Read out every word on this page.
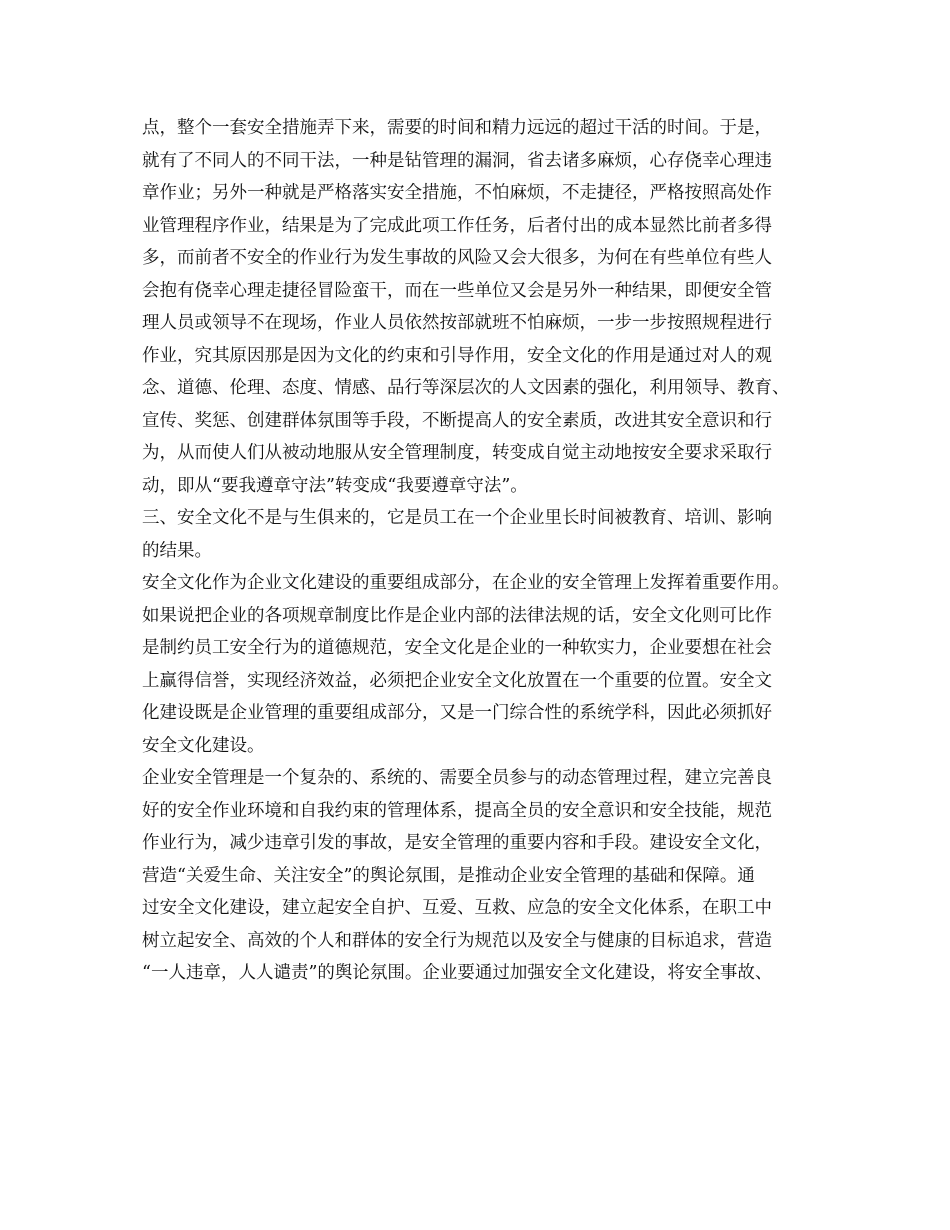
点，整个一套安全措施弄下来，需要的时间和精力远远的超过干活的时间。于是，
就有了不同人的不同干法，一种是钻管理的漏洞，省去诸多麻烦，心存侥幸心理违
章作业；另外一种就是严格落实安全措施，不怕麻烦，不走捷径，严格按照高处作
业管理程序作业，结果是为了完成此项工作任务，后者付出的成本显然比前者多得
多，而前者不安全的作业行为发生事故的风险又会大很多，为何在有些单位有些人
会抱有侥幸心理走捷径冒险蛮干，而在一些单位又会是另外一种结果，即便安全管
理人员或领导不在现场，作业人员依然按部就班不怕麻烦，一步一步按照规程进行
作业，究其原因那是因为文化的约束和引导作用，安全文化的作用是通过对人的观
念、道德、伦理、态度、情感、品行等深层次的人文因素的强化，利用领导、教育、
宣传、奖惩、创建群体氛围等手段，不断提高人的安全素质，改进其安全意识和行
为，从而使人们从被动地服从安全管理制度，转变成自觉主动地按安全要求采取行
动，即从“要我遵章守法”转变成“我要遵章守法”。
三、安全文化不是与生俱来的，它是员工在一个企业里长时间被教育、培训、影响
的结果。
安全文化作为企业文化建设的重要组成部分，在企业的安全管理上发挥着重要作用。
如果说把企业的各项规章制度比作是企业内部的法律法规的话，安全文化则可比作
是制约员工安全行为的道德规范，安全文化是企业的一种软实力，企业要想在社会
上赢得信誉，实现经济效益，必须把企业安全文化放置在一个重要的位置。安全文
化建设既是企业管理的重要组成部分，又是一门综合性的系统学科，因此必须抓好
安全文化建设。
企业安全管理是一个复杂的、系统的、需要全员参与的动态管理过程，建立完善良
好的安全作业环境和自我约束的管理体系，提高全员的安全意识和安全技能，规范
作业行为，减少违章引发的事故，是安全管理的重要内容和手段。建设安全文化，
营造“关爱生命、关注安全”的舆论氛围，是推动企业安全管理的基础和保障。通
过安全文化建设，建立起安全自护、互爱、互救、应急的安全文化体系，在职工中
树立起安全、高效的个人和群体的安全行为规范以及安全与健康的目标追求，营造
“一人违章，人人谴责”的舆论氛围。企业要通过加强安全文化建设，将安全事故、
